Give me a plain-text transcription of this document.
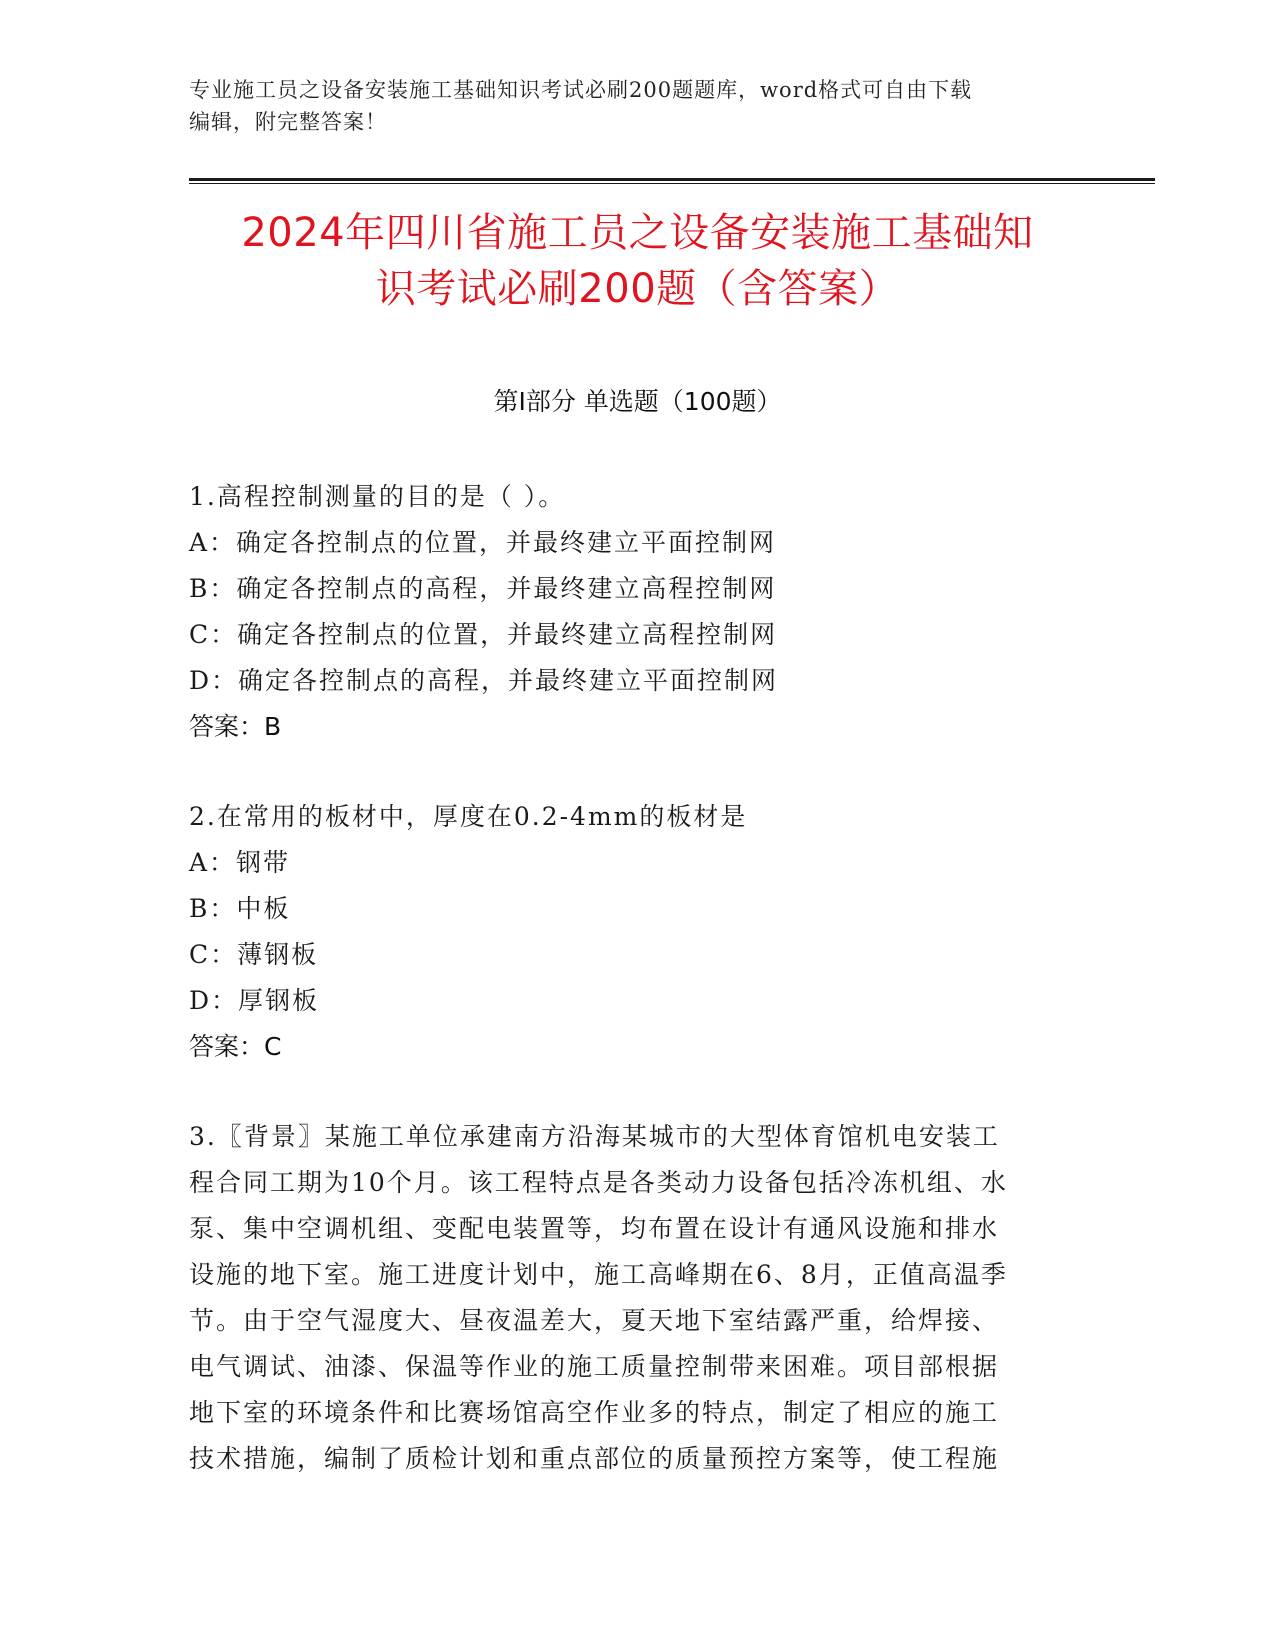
专业施工员之设备安装施工基础知识考试必刷200题题库，word格式可自由下载
编辑，附完整答案！
2024年四川省施工员之设备安装施工基础知
识考试必刷200题（含答案）
第Ⅰ部分 单选题（100题）
1.高程控制测量的目的是（ ）。
A：确定各控制点的位置，并最终建立平面控制网
B：确定各控制点的高程，并最终建立高程控制网
C：确定各控制点的位置，并最终建立高程控制网
D：确定各控制点的高程，并最终建立平面控制网
答案：B
2.在常用的板材中，厚度在0.2-4mm的板材是
A：钢带
B：中板
C：薄钢板
D：厚钢板
答案：C
3.〖背景〗某施工单位承建南方沿海某城市的大型体育馆机电安装工
程合同工期为10个月。该工程特点是各类动力设备包括冷冻机组、水
泵、集中空调机组、变配电装置等，均布置在设计有通风设施和排水
设施的地下室。施工进度计划中，施工高峰期在6、8月，正值高温季
节。由于空气湿度大、昼夜温差大，夏天地下室结露严重，给焊接、
电气调试、油漆、保温等作业的施工质量控制带来困难。项目部根据
地下室的环境条件和比赛场馆高空作业多的特点，制定了相应的施工
技术措施，编制了质检计划和重点部位的质量预控方案等，使工程施
